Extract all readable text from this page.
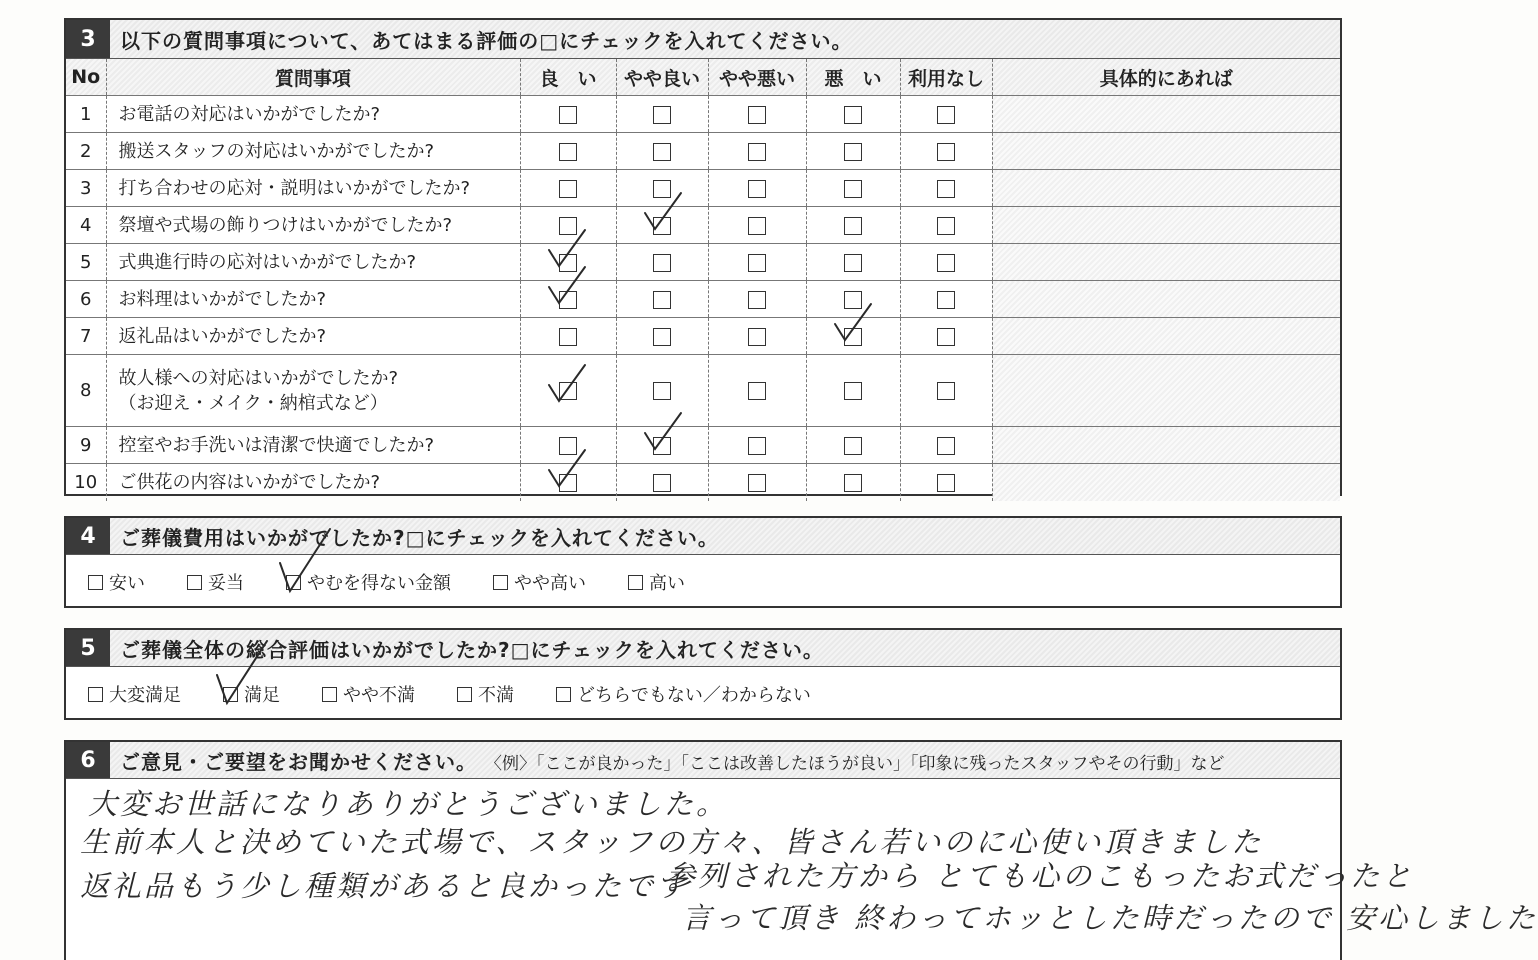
3	以下の質問事項について、あてはまる評価の□にチェックを入れてください。
No	質問事項	良　い	やや良い	やや悪い	悪　い	利用なし	具体的にあれば
1	お電話の対応はいかがでしたか?						

2	搬送スタッフの対応はいかがでしたか?						

3	打ち合わせの応対・説明はいかがでしたか?						

4	祭壇や式場の飾りつけはいかがでしたか?

5	式典進行時の応対はいかがでしたか?

6	お料理はいかがでしたか?

7	返礼品はいかがでしたか?

8	故人様への対応はいかがでしたか?
（お迎え・メイク・納棺式など）

9	控室やお手洗いは清潔で快適でしたか?

10	ご供花の内容はいかがでしたか?

4	ご葬儀費用はいかがでしたか?□にチェックを入れてください。
安い	妥当	やむを得ない金額	やや高い	高い
5	ご葬儀全体の総合評価はいかがでしたか?□にチェックを入れてください。
大変満足	満足	やや不満	不満	どちらでもない／わからない
6	ご意見・ご要望をお聞かせください。 〈例〉「ここが良かった」「ここは改善したほうが良い」「印象に残ったスタッフやその行動」など
大変お世話になりありがとうございました。
生前本人と決めていた式場で、スタッフの方々、皆さん若いのに心使い頂きました
返礼品もう少し種類があると良かったです
参列された方から とても心のこもったお式だったと
言って頂き 終わってホッとした時だったので 安心しました
